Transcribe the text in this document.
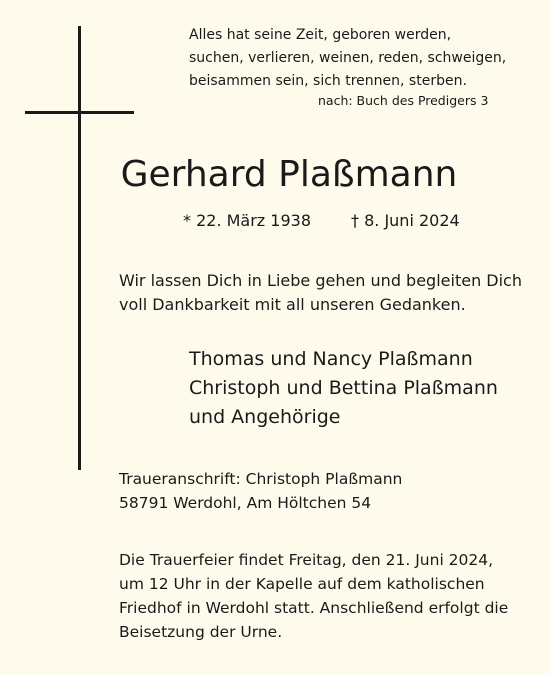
Alles hat seine Zeit, geboren werden,
suchen, verlieren, weinen, reden, schweigen,
beisammen sein, sich trennen, sterben.
nach: Buch des Predigers 3
Gerhard Plaßmann
* 22. März 1938 † 8. Juni 2024
Wir lassen Dich in Liebe gehen und begleiten Dich
voll Dankbarkeit mit all unseren Gedanken.
Thomas und Nancy Plaßmann
Christoph und Bettina Plaßmann
und Angehörige
Traueranschrift: Christoph Plaßmann
58791 Werdohl, Am Höltchen 54
Die Trauerfeier findet Freitag, den 21. Juni 2024,
um 12 Uhr in der Kapelle auf dem katholischen
Friedhof in Werdohl statt. Anschließend erfolgt die
Beisetzung der Urne.
